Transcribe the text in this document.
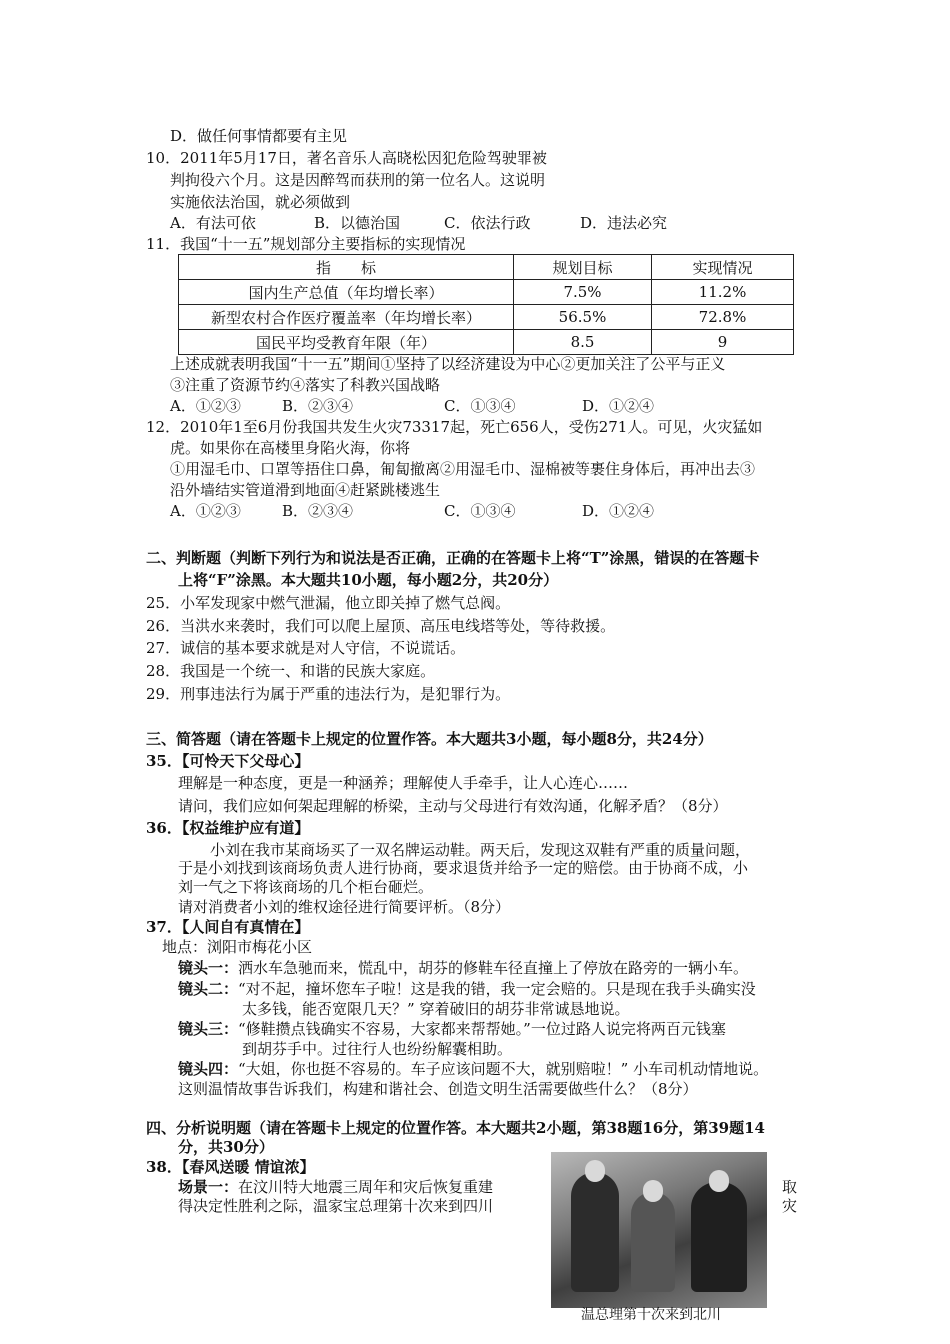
D．做任何事情都要有主见
10．2011年5月17日，著名音乐人高晓松因犯危险驾驶罪被
判拘役六个月。这是因醉驾而获刑的第一位名人。这说明
实施依法治国，就必须做到
A．有法可依	B．以德治国	C．依法行政	D．违法必究
11．我国“十一五”规划部分主要指标的实现情况
指　　标	规划目标	实现情况
国内生产总值（年均增长率）	7.5%	11.2%
新型农村合作医疗覆盖率（年均增长率）	56.5%	72.8%
国民平均受教育年限（年）	8.5	9
上述成就表明我国“十一五”期间①坚持了以经济建设为中心②更加关注了公平与正义
③注重了资源节约④落实了科教兴国战略
A．①②③	B．②③④	C．①③④	D．①②④
12．2010年1至6月份我国共发生火灾73317起，死亡656人，受伤271人。可见，火灾猛如
虎。如果你在高楼里身陷火海，你将
①用湿毛巾、口罩等捂住口鼻，匍匐撤离②用湿毛巾、湿棉被等裹住身体后，再冲出去③
沿外墙结实管道滑到地面④赶紧跳楼逃生
A．①②③	B．②③④	C．①③④	D．①②④
二、判断题（判断下列行为和说法是否正确，正确的在答题卡上将“T”涂黑，错误的在答题卡
上将“F”涂黑。本大题共10小题，每小题2分，共20分）
25．小军发现家中燃气泄漏，他立即关掉了燃气总阀。
26．当洪水来袭时，我们可以爬上屋顶、高压电线塔等处，等待救援。
27．诚信的基本要求就是对人守信，不说谎话。
28．我国是一个统一、和谐的民族大家庭。
29．刑事违法行为属于严重的违法行为，是犯罪行为。
三、简答题（请在答题卡上规定的位置作答。本大题共3小题，每小题8分，共24分）
35．【可怜天下父母心】
理解是一种态度，更是一种涵养；理解使人手牵手，让人心连心……
请问，我们应如何架起理解的桥梁，主动与父母进行有效沟通，化解矛盾？（8分）
36．【权益维护应有道】
小刘在我市某商场买了一双名牌运动鞋。两天后，发现这双鞋有严重的质量问题，
于是小刘找到该商场负责人进行协商，要求退货并给予一定的赔偿。由于协商不成，小
刘一气之下将该商场的几个柜台砸烂。
请对消费者小刘的维权途径进行简要评析。（8分）
37．【人间自有真情在】
地点：浏阳市梅花小区
镜头一：洒水车急驰而来，慌乱中，胡芬的修鞋车径直撞上了停放在路旁的一辆小车。
镜头二：“对不起，撞坏您车子啦！这是我的错，我一定会赔的。只是现在我手头确实没
太多钱，能否宽限几天？” 穿着破旧的胡芬非常诚恳地说。
镜头三：“修鞋攒点钱确实不容易，大家都来帮帮她。”一位过路人说完将两百元钱塞
到胡芬手中。过往行人也纷纷解囊相助。
镜头四：“大姐，你也挺不容易的。车子应该问题不大，就别赔啦！” 小车司机动情地说。
这则温情故事告诉我们，构建和谐社会、创造文明生活需要做些什么？（8分）
四、分析说明题（请在答题卡上规定的位置作答。本大题共2小题，第38题16分，第39题14
分，共30分）
38．【春风送暖 情谊浓】
场景一：在汶川特大地震三周年和灾后恢复重建
得决定性胜利之际，温家宝总理第十次来到四川
取
灾
温总理第十次来到北川
